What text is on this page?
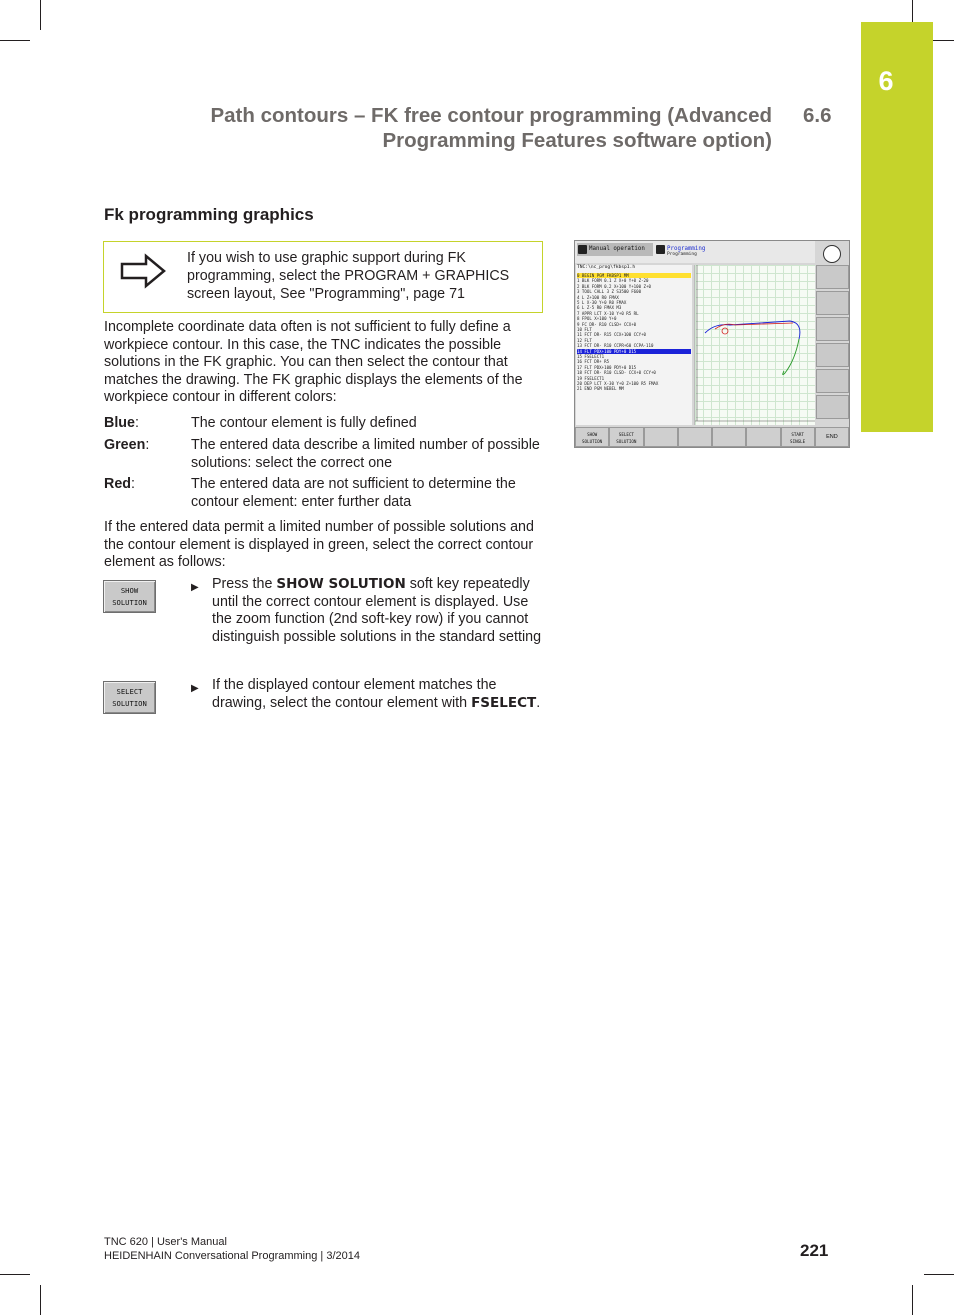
6
Path contours – FK free contour programming (Advanced Programming Features software option)
6.6
Fk programming graphics
If you wish to use graphic support during FK programming, select the PROGRAM + GRAPHICS screen layout, See "Programming", page 71
Incomplete coordinate data often is not sufficient to fully define a workpiece contour. In this case, the TNC indicates the possible solutions in the FK graphic. You can then select the contour that matches the drawing. The FK graphic displays the elements of the workpiece contour in different colors:
Blue:	The contour element is fully defined
Green:	The entered data describe a limited number of possible solutions: select the correct one
Red:	The entered data are not sufficient to determine the contour element: enter further data
If the entered data permit a limited number of possible solutions and the contour element is displayed in green, select the correct contour element as follows:
SHOW
SOLUTION
▶ Press the SHOW SOLUTION soft key repeatedly until the correct contour element is displayed. Use the zoom function (2nd soft-key row) if you cannot distinguish possible solutions in the standard setting
SELECT
SOLUTION
▶ If the displayed contour element matches the drawing, select the contour element with FSELECT.
Manual operation	Programming
Programming
TNC:\nc_prog\fkbsp1.h
0 BEGIN PGM FKBSP1 MM
1 BLK FORM 0.1 Z X+0 Y+0 Z-20
2 BLK FORM 0.2 X+100 Y+100 Z+0
3 TOOL CALL 3 Z S3500 F600
4 L Z+100 R0 FMAX
5 L X-30 Y+0 R0 FMAX
6 L Z-5 R0 FMAX M3
7 APPR LCT X-10 Y+0 R5 RL
8 FPOL X+100 Y+0
9 FC DR- R10 CLSD+ CCX+0
10 FLT
11 FCT DR- R15 CCX+100 CCY+0
12 FLT
13 FCT DR- R10 CCPR+60 CCPA-110
14 FLT PDX+100 PDY+0 D15
15 FSELECT1
16 FCT DR+ R5
17 FLT PDX+100 PDY+0 D15
18 FCT DR- R10 CLSD- CCX+0 CCY+0
19 FSELECT1
20 DEP LCT X-30 Y+0 Z+100 R5 FMAX
21 END PGM NEBEL MM
SHOW
SOLUTION
SELECT
SOLUTION
START
SINGLE
END
TNC 620 | User's Manual
HEIDENHAIN Conversational Programming | 3/2014	221
